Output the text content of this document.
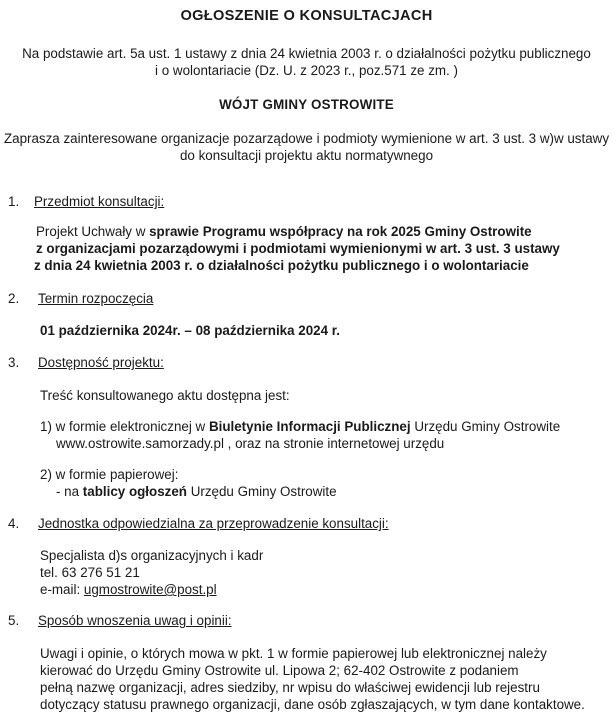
OGŁOSZENIE O KONSULTACJACH
Na podstawie art. 5a ust. 1 ustawy z dnia 24 kwietnia 2003 r. o działalności pożytku publicznego
i o wolontariacie (Dz. U. z 2023 r., poz.571 ze zm. )
WÓJT GMINY OSTROWITE
Zaprasza zainteresowane organizacje pozarządowe i podmioty wymienione w art. 3 ust. 3 w)w ustawy
do konsultacji projektu aktu normatywnego
1. Przedmiot konsultacji:
Projekt Uchwały w sprawie Programu współpracy na rok 2025 Gminy Ostrowite
z organizacjami pozarządowymi i podmiotami wymienionymi w art. 3 ust. 3 ustawy
z dnia 24 kwietnia 2003 r. o działalności pożytku publicznego i o wolontariacie
2. Termin rozpoczęcia
01 października 2024r. – 08 października 2024 r.
3. Dostępność projektu:
Treść konsultowanego aktu dostępna jest:
1) w formie elektronicznej w Biuletynie Informacji Publicznej Urzędu Gminy Ostrowite
www.ostrowite.samorzady.pl , oraz na stronie internetowej urzędu
2) w formie papierowej:
- na tablicy ogłoszeń Urzędu Gminy Ostrowite
4. Jednostka odpowiedzialna za przeprowadzenie konsultacji:
Specjalista d)s organizacyjnych i kadr
tel. 63 276 51 21
e-mail: ugmostrowite@post.pl
5. Sposób wnoszenia uwag i opinii:
Uwagi i opinie, o których mowa w pkt. 1 w formie papierowej lub elektronicznej należy
kierować do Urzędu Gminy Ostrowite ul. Lipowa 2; 62-402 Ostrowite z podaniem
pełną nazwę organizacji, adres siedziby, nr wpisu do właściwej ewidencji lub rejestru
dotyczący statusu prawnego organizacji, dane osób zgłaszających, w tym dane kontaktowe.
